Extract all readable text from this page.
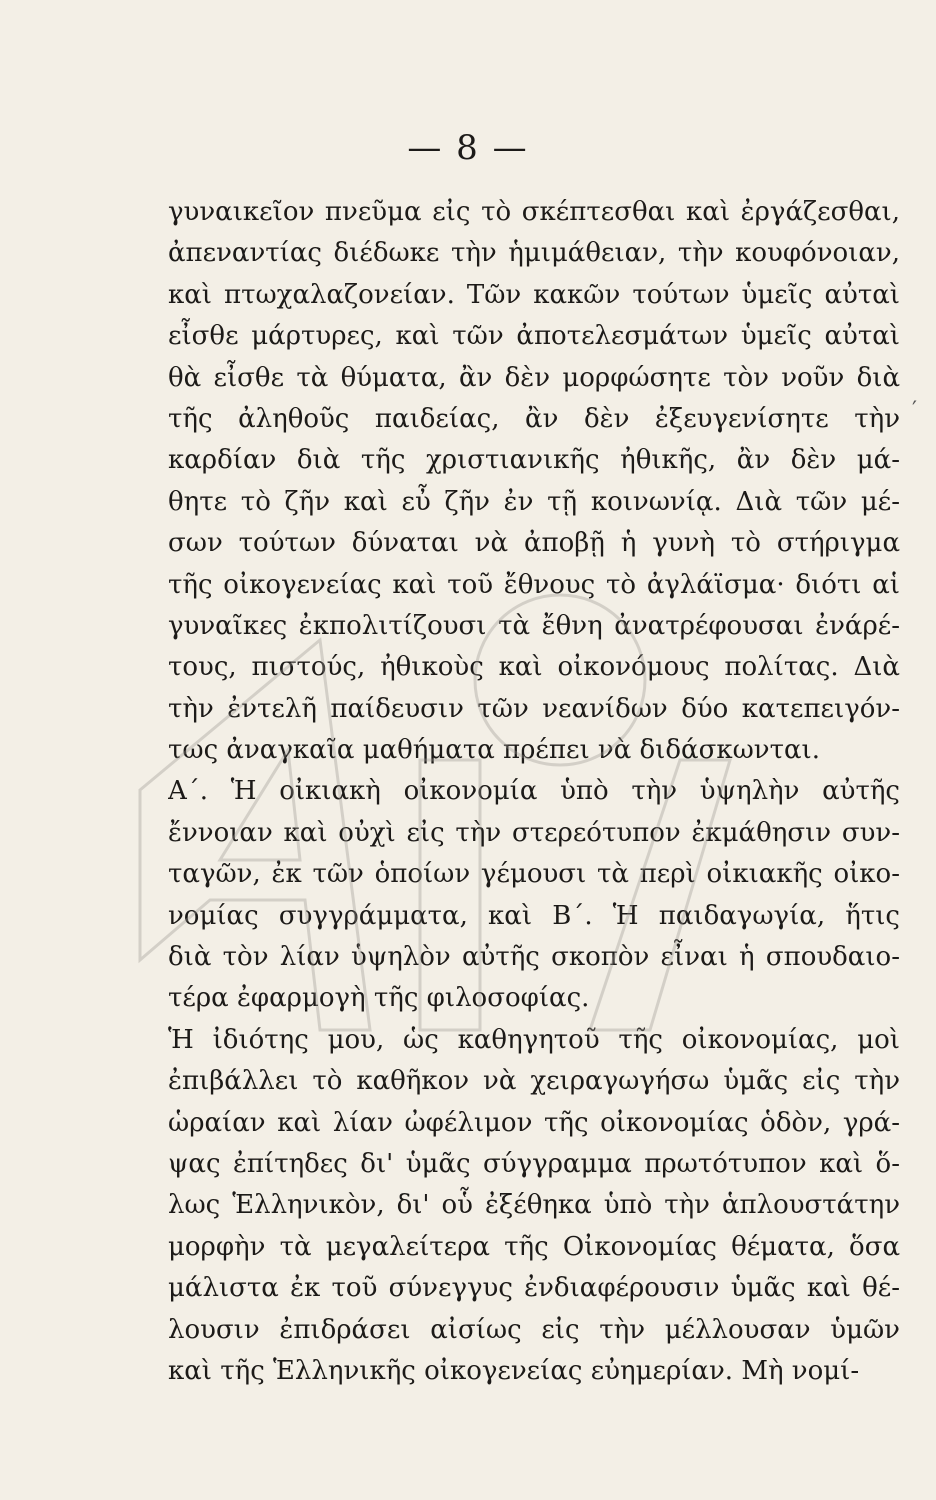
— 8 —
γυναικεῖον πνεῦμα εἰς τὸ σκέπτεσθαι καὶ ἐργάζεσθαι,
ἀπεναντίας διέδωκε τὴν ἡμιμάθειαν, τὴν κουφόνοιαν,
καὶ πτωχαλαζονείαν. Τῶν κακῶν τούτων ὑμεῖς αὐταὶ
εἶσθε μάρτυρες, καὶ τῶν ἀποτελεσμάτων ὑμεῖς αὐταὶ
θὰ εἶσθε τὰ θύματα, ἂν δὲν μορφώσητε τὸν νοῦν διὰ
τῆς ἀληθοῦς παιδείας, ἂν δὲν ἐξευγενίσητε τὴν
καρδίαν διὰ τῆς χριστιανικῆς ἠθικῆς, ἂν δὲν μά-
θητε τὸ ζῆν καὶ εὖ ζῆν ἐν τῇ κοινωνίᾳ. Διὰ τῶν μέ-
σων τούτων δύναται νὰ ἀποβῇ ἡ γυνὴ τὸ στήριγμα
τῆς οἰκογενείας καὶ τοῦ ἔθνους τὸ ἀγλάϊσμα· διότι αἱ
γυναῖκες ἐκπολιτίζουσι τὰ ἔθνη ἀνατρέφουσαι ἐνάρέ-
τους, πιστούς, ἠθικοὺς καὶ οἰκονόμους πολίτας. Διὰ
τὴν ἐντελῆ παίδευσιν τῶν νεανίδων δύο κατεπειγόν-
τως ἀναγκαῖα μαθήματα πρέπει νὰ διδάσκωνται.
Α΄. Ἡ οἰκιακὴ οἰκονομία ὑπὸ τὴν ὑψηλὴν αὐτῆς
ἔννοιαν καὶ οὐχὶ εἰς τὴν στερεότυπον ἐκμάθησιν συν-
ταγῶν, ἐκ τῶν ὁποίων γέμουσι τὰ περὶ οἰκιακῆς οἰκο-
νομίας συγγράμματα, καὶ Β΄. Ἡ παιδαγωγία, ἥτις
διὰ τὸν λίαν ὑψηλὸν αὐτῆς σκοπὸν εἶναι ἡ σπουδαιο-
τέρα ἐφαρμογὴ τῆς φιλοσοφίας.
Ἡ ἰδιότης μου, ὡς καθηγητοῦ τῆς οἰκονομίας, μοὶ
ἐπιβάλλει τὸ καθῆκον νὰ χειραγωγήσω ὑμᾶς εἰς τὴν
ὡραίαν καὶ λίαν ὠφέλιμον τῆς οἰκονομίας ὁδὸν, γρά-
ψας ἐπίτηδες δι' ὑμᾶς σύγγραμμα πρωτότυπον καὶ ὅ-
λως Ἑλληνικὸν, δι' οὗ ἐξέθηκα ὑπὸ τὴν ἁπλουστάτην
μορφὴν τὰ μεγαλείτερα τῆς Οἰκονομίας θέματα, ὅσα
μάλιστα ἐκ τοῦ σύνεγγυς ἐνδιαφέρουσιν ὑμᾶς καὶ θέ-
λουσιν ἐπιδράσει αἰσίως εἰς τὴν μέλλουσαν ὑμῶν
καὶ τῆς Ἑλληνικῆς οἰκογενείας εὐημερίαν. Μὴ νομί-
′
